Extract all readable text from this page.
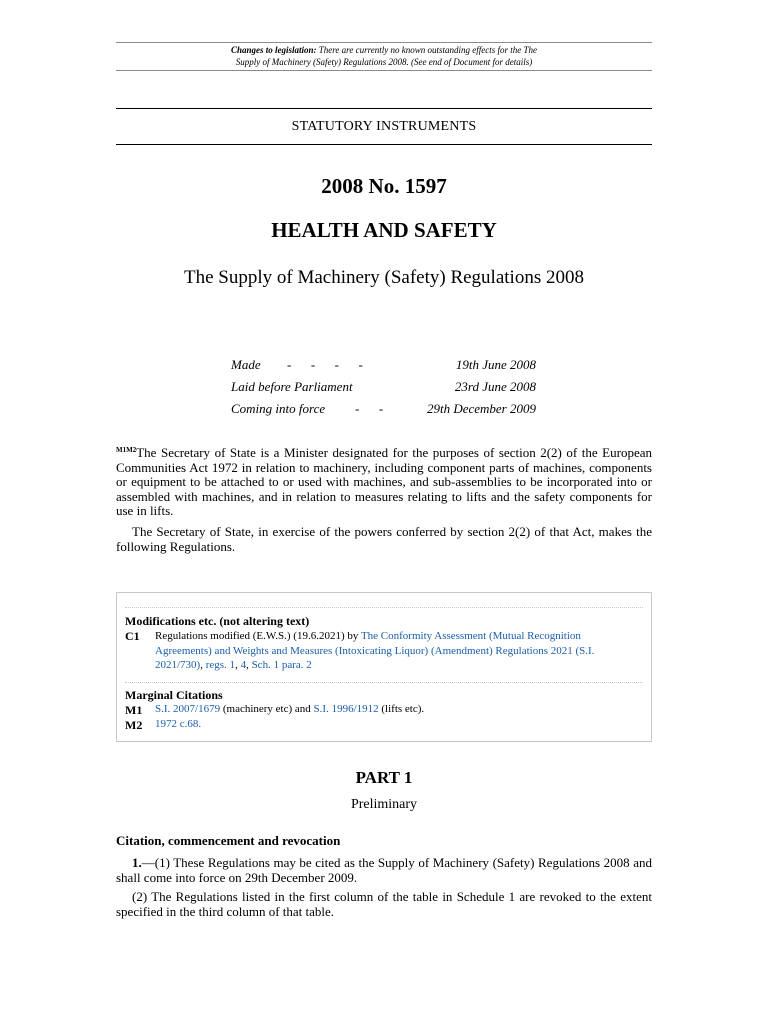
Changes to legislation: There are currently no known outstanding effects for the The
Supply of Machinery (Safety) Regulations 2008. (See end of Document for details)
STATUTORY INSTRUMENTS
2008 No. 1597
HEALTH AND SAFETY
The Supply of Machinery (Safety) Regulations 2008
Made -      -      -      -	19th June 2008
Laid before Parliament	23rd June 2008
Coming into force -      -	29th December 2009
$^{M1M2}$The Secretary of State is a Minister designated for the purposes of section 2(2) of the European Communities Act 1972 in relation to machinery, including component parts of machines, components or equipment to be attached to or used with machines, and sub-assemblies to be incorporated into or assembled with machines, and in relation to measures relating to lifts and the safety components for use in lifts.
The Secretary of State, in exercise of the powers conferred by section 2(2) of that Act, makes the following Regulations.
Modifications etc. (not altering text)
C1 Regulations modified (E.W.S.) (19.6.2021) by The Conformity Assessment (Mutual Recognition Agreements) and Weights and Measures (Intoxicating Liquor) (Amendment) Regulations 2021 (S.I. 2021/730), regs. 1, 4, Sch. 1 para. 2
Marginal Citations
M1 S.I. 2007/1679 (machinery etc) and S.I. 1996/1912 (lifts etc).
M2 1972 c.68.
PART 1
Preliminary
Citation, commencement and revocation
1.—(1) These Regulations may be cited as the Supply of Machinery (Safety) Regulations 2008 and shall come into force on 29th December 2009.
(2) The Regulations listed in the first column of the table in Schedule 1 are revoked to the extent specified in the third column of that table.
